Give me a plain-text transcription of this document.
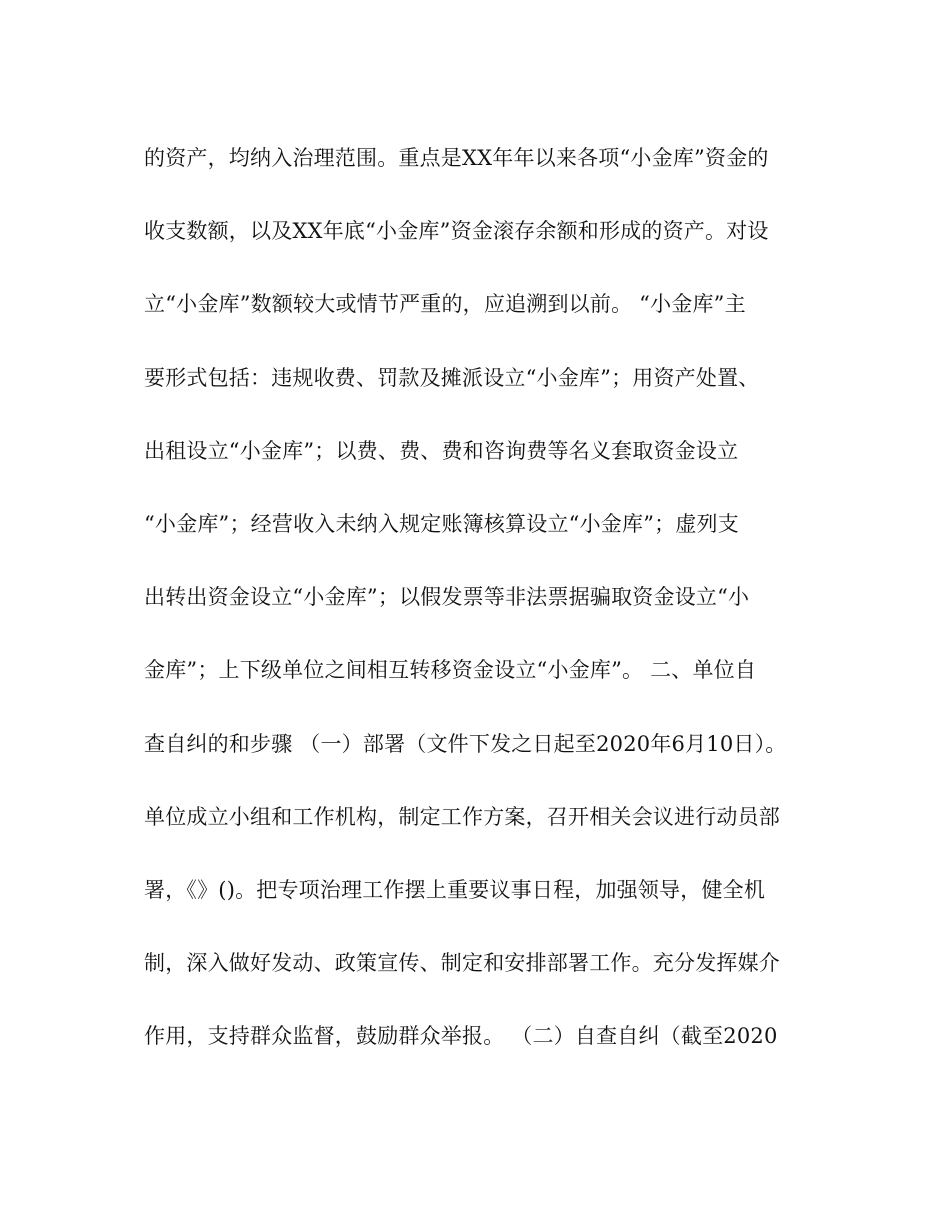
的资产，均纳入治理范围。重点是XX年年以来各项“小金库”资金的
收支数额，以及XX年底“小金库”资金滚存余额和形成的资产。对设
立“小金库”数额较大或情节严重的，应追溯到以前。 “小金库”主
要形式包括：违规收费、罚款及摊派设立“小金库”；用资产处置、
出租设立“小金库”；以费、费、费和咨询费等名义套取资金设立
“小金库”；经营收入未纳入规定账簿核算设立“小金库”；虚列支
出转出资金设立“小金库”；以假发票等非法票据骗取资金设立“小
金库”；上下级单位之间相互转移资金设立“小金库”。 二、单位自
查自纠的和步骤 （一）部署（文件下发之日起至2020年6月10日）。
单位成立小组和工作机构，制定工作方案，召开相关会议进行动员部
署，《》()。把专项治理工作摆上重要议事日程，加强领导，健全机
制，深入做好发动、政策宣传、制定和安排部署工作。充分发挥媒介
作用，支持群众监督，鼓励群众举报。 （二）自查自纠（截至2020
